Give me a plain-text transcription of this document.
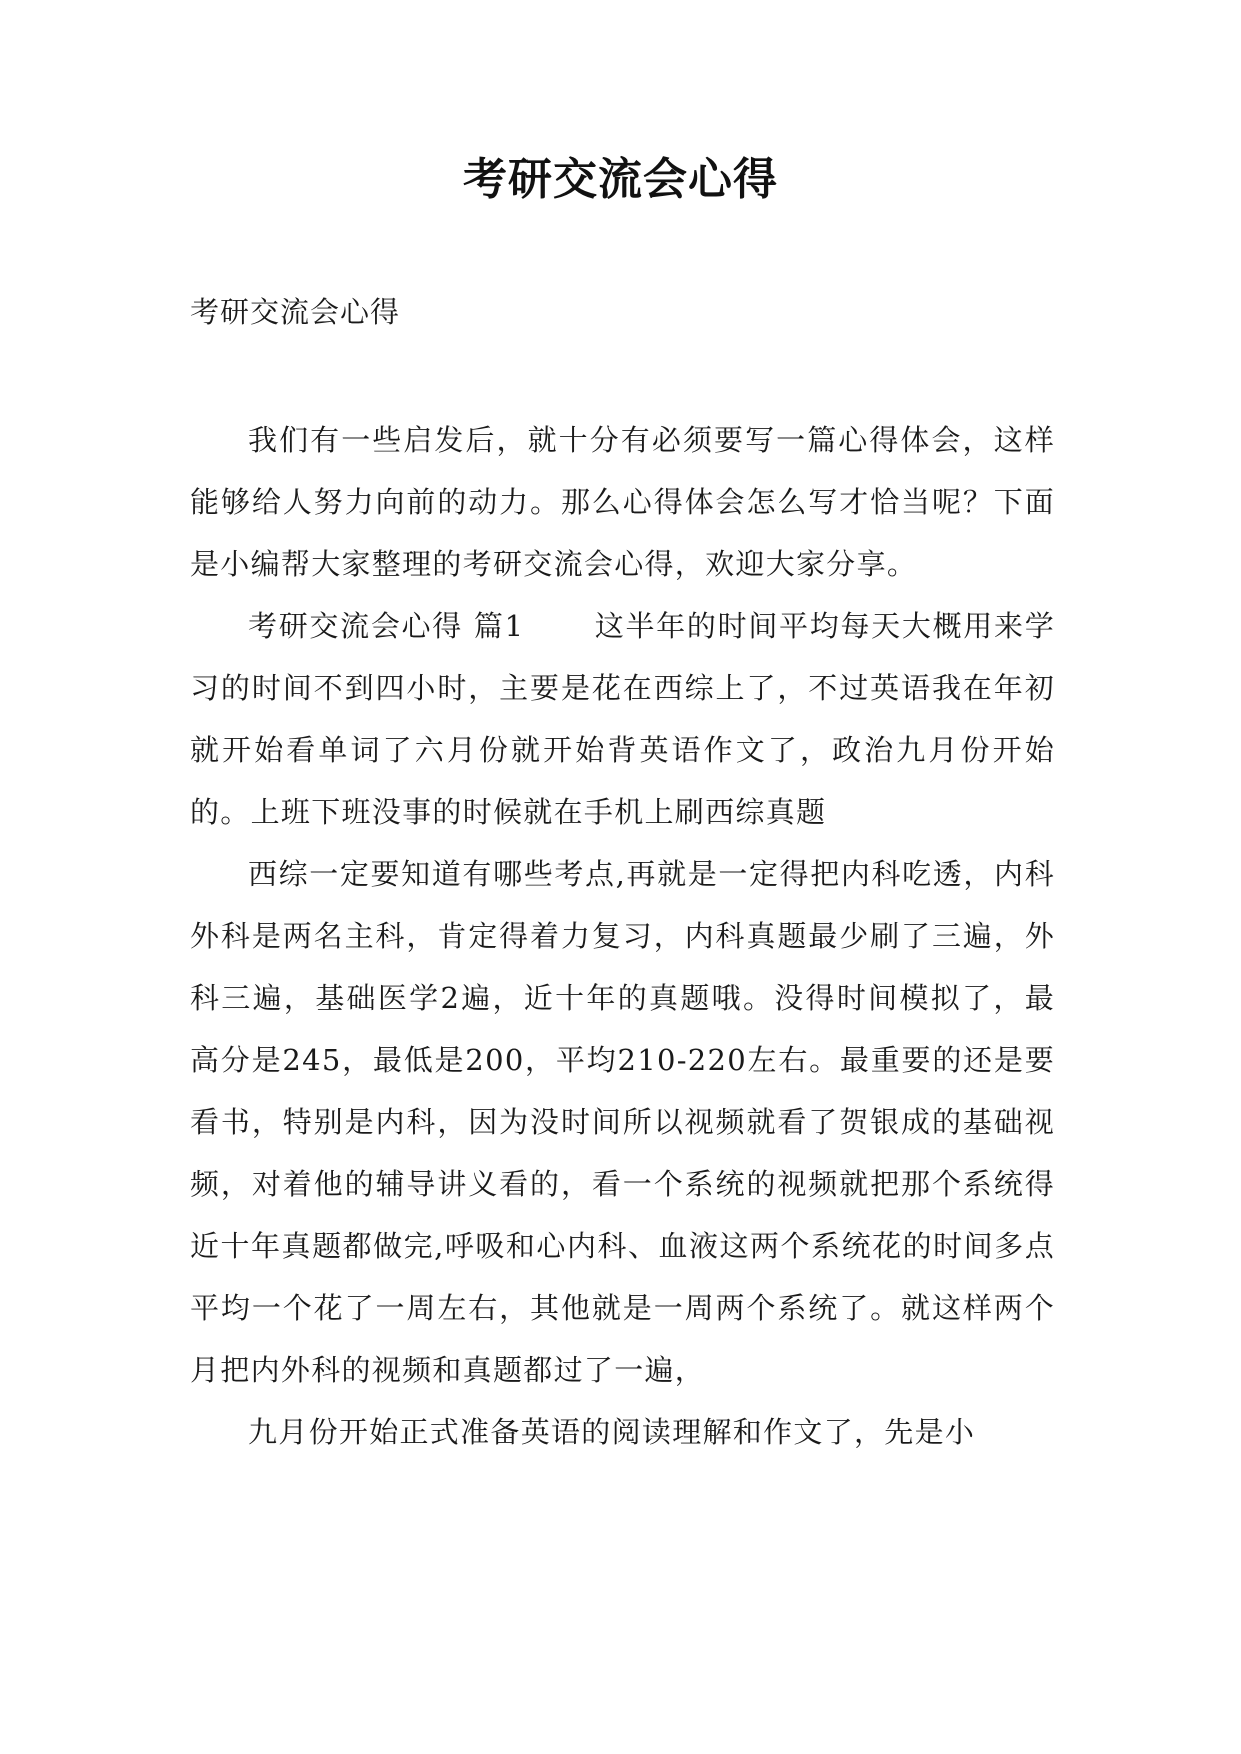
考研交流会心得
考研交流会心得

我们有一些启发后，就十分有必须要写一篇心得体会，这样能够给人努力向前的动力。那么心得体会怎么写才恰当呢？下面是小编帮大家整理的考研交流会心得，欢迎大家分享。

考研交流会心得 篇1 这半年的时间平均每天大概用来学习的时间不到四小时，主要是花在西综上了，不过英语我在年初就开始看单词了六月份就开始背英语作文了，政治九月份开始的。上班下班没事的时候就在手机上刷西综真题

西综一定要知道有哪些考点,再就是一定得把内科吃透，内科外科是两名主科，肯定得着力复习，内科真题最少刷了三遍，外科三遍，基础医学2遍，近十年的真题哦。没得时间模拟了，最高分是245，最低是200，平均210-220左右。最重要的还是要看书，特别是内科，因为没时间所以视频就看了贺银成的基础视频，对着他的辅导讲义看的，看一个系统的视频就把那个系统得近十年真题都做完,呼吸和心内科、血液这两个系统花的时间多点平均一个花了一周左右，其他就是一周两个系统了。就这样两个月把内外科的视频和真题都过了一遍，

九月份开始正式准备英语的阅读理解和作文了，先是小
